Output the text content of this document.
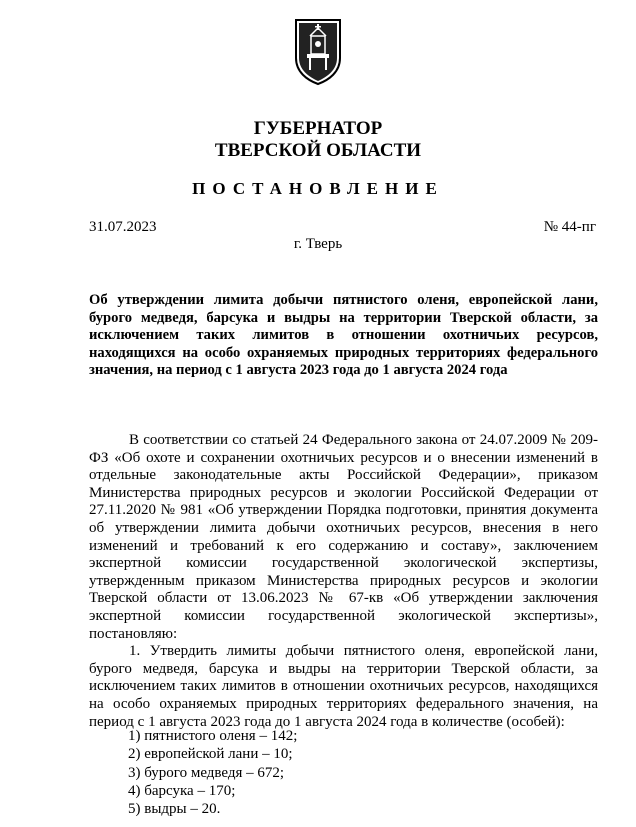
ГУБЕРНАТОР
ТВЕРСКОЙ ОБЛАСТИ
ПОСТАНОВЛЕНИЕ
31.07.2023	№ 44-пг
г. Тверь
Об утверждении лимита добычи пятнистого оленя, европейской лани, бурого медведя, барсука и выдры на территории Тверской области, за исключением таких лимитов в отношении охотничьих ресурсов, находящихся на особо охраняемых природных территориях федерального значения, на период с 1 августа 2023 года до 1 августа 2024 года

В соответствии со статьей 24 Федерального закона от 24.07.2009 № 209-ФЗ «Об охоте и сохранении охотничьих ресурсов и о внесении изменений в отдельные законодательные акты Российской Федерации», приказом Министерства природных ресурсов и экологии Российской Федерации от 27.11.2020 № 981 «Об утверждении Порядка подготовки, принятия документа об утверждении лимита добычи охотничьих ресурсов, внесения в него изменений и требований к его содержанию и составу», заключением экспертной комиссии государственной экологической экспертизы, утвержденным приказом Министерства природных ресурсов и экологии Тверской области от 13.06.2023 № 67-кв «Об утверждении заключения экспертной комиссии государственной экологической экспертизы», постановляю:

1. Утвердить лимиты добычи пятнистого оленя, европейской лани, бурого медведя, барсука и выдры на территории Тверской области, за исключением таких лимитов в отношении охотничьих ресурсов, находящихся на особо охраняемых природных территориях федерального значения, на период с 1 августа 2023 года до 1 августа 2024 года в количестве (особей):

1) пятнистого оленя – 142;
2) европейской лани – 10;
3) бурого медведя – 672;
4) барсука – 170;
5) выдры – 20.
